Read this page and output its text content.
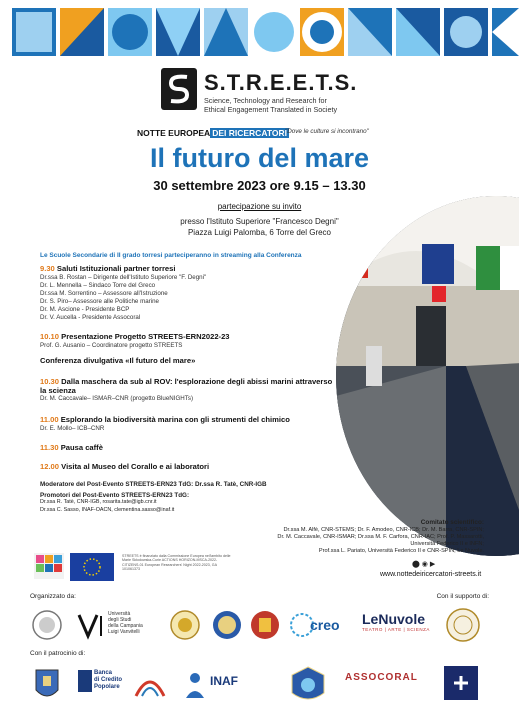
S.T.R.E.E.T.S.
Science, Technology and Research for
Ethical Engagement Translated in Society
NOTTE EUROPEA DEI RICERCATORI
"Dove le culture si incontrano"
Il futuro del mare
30 settembre 2023 ore 9.15 – 13.30
partecipazione su invito
presso l'Istituto Superiore "Francesco Degni"
Piazza Luigi Palomba, 6 Torre del Greco
Le Scuole Secondarie di II grado torresi parteciperanno in streaming alla Conferenza
9.30 Saluti Istituzionali partner torresi
Dr.ssa B. Rostan – Dirigente dell'Istituto Superiore "F. Degni"
Dr. L. Mennella – Sindaco Torre del Greco
Dr.ssa M. Sorrentino – Assessore all'Istruzione
Dr. S. Piro– Assessore alle Politiche marine
Dr. M. Ascione - Presidente BCP
Dr. V. Aucella - Presidente Assocoral
10.10 Presentazione Progetto STREETS-ERN2022-23
Prof. G. Ausanio – Coordinatore progetto STREETS
Conferenza divulgativa «Il futuro del mare»
10.30 Dalla maschera da sub al ROV: l'esplorazione degli abissi marini attraverso la scienza
Dr. M. Caccavale– ISMAR–CNR (progetto BlueNIGHTs)
11.00 Esplorando la biodiversità marina con gli strumenti del chimico
Dr. E. Mollo– ICB–CNR
11.30 Pausa caffè
12.00 Visita al Museo del Corallo e ai laboratori
Moderatore del Post-Evento STREETS-ERN23 TdG: Dr.ssa R. Tatè, CNR-IGB
Promotori del Post-Evento STREETS-ERN23 TdG:
Dr.ssa R. Tatè, CNR-IGB, rosarita.tate@igb.cnr.it
Dr.ssa C. Sasso, INAF-OACN, clementina.sasso@inaf.it
Comitato scientifico:
Dr.ssa M. Alfè, CNR-STEMS; Dr. F. Amodeo, CNR-ICB; Dr. M. Barra, CNR-SPIN;
Dr. M. Caccavale, CNR-ISMAR; Dr.ssa M. F. Carfora, CNR-IAC; Prof. P. Massarotti, Università Federico II e INFN;
Prof.ssa L. Pariato, Università Federico II e CNR-SPIN; Le Nuvole.
⬤ ◉ ▶
www.nottedeiricercatori-streets.it
STREETS è finanziato dalla Commissione Europea nell'ambito delle Marie Skłodowska-Curie ACTIONS HORIZON-MSCA-2022-CITIZENS-01 European Researchers' Night 2022-2023, GA 101061373
Organizzato da:	Con il supporto di:
Università
degli Studi
della Campania
Luigi Vanvitelli	creo LeNuvole
TEATRO | ARTE | SCIENZA
Con il patrocinio di:
Banca
di Credito
Popolare	INAF	ASSOCORAL
